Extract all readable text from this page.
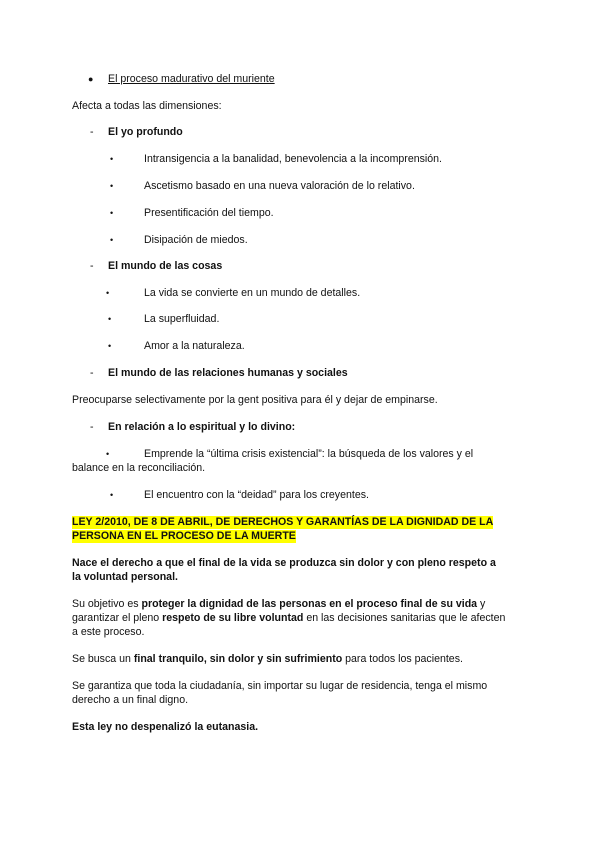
● El proceso madurativo del muriente
Afecta a todas las dimensiones:
- El yo profundo
•	Intransigencia a la banalidad, benevolencia a la incomprensión.
•	Ascetismo basado en una nueva valoración de lo relativo.
•	Presentificación del tiempo.
•	Disipación de miedos.
- El mundo de las cosas
•	La vida se convierte en un mundo de detalles.
•	La superfluidad.
•	Amor a la naturaleza.
- El mundo de las relaciones humanas y sociales
Preocuparse selectivamente por la gent positiva para él y dejar de empinarse.
- En relación a lo espiritual y lo divino:
•	Emprende la “última crisis existencial”: la búsqueda de los valores y el
balance en la reconciliación.
•	El encuentro con la “deidad” para los creyentes.
LEY 2/2010, DE 8 DE ABRIL, DE DERECHOS Y GARANTÍAS DE LA DIGNIDAD DE LA
PERSONA EN EL PROCESO DE LA MUERTE
Nace el derecho a que el final de la vida se produzca sin dolor y con pleno respeto a
la voluntad personal.
Su objetivo es proteger la dignidad de las personas en el proceso final de su vida y
garantizar el pleno respeto de su libre voluntad en las decisiones sanitarias que le afecten
a este proceso.
Se busca un final tranquilo, sin dolor y sin sufrimiento para todos los pacientes.
Se garantiza que toda la ciudadanía, sin importar su lugar de residencia, tenga el mismo
derecho a un final digno.
Esta ley no despenalizó la eutanasia.
